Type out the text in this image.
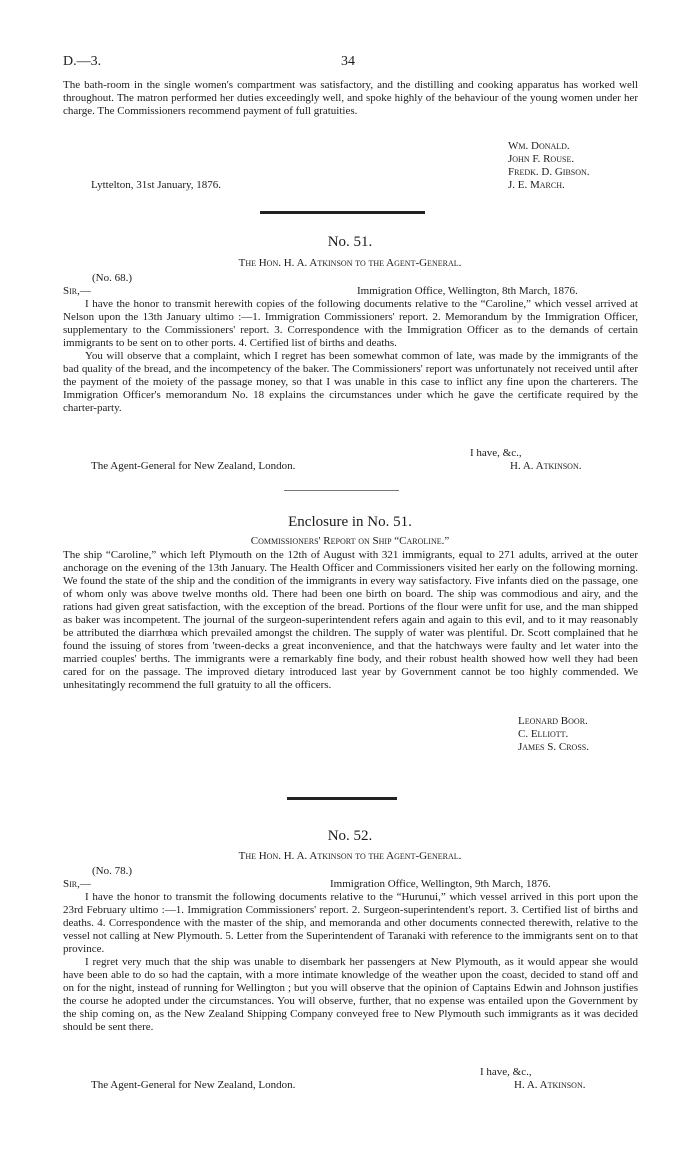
D.—3.	34

The bath-room in the single women's compartment was satisfactory, and the distilling and cooking apparatus has worked well throughout. The matron performed her duties exceedingly well, and spoke highly of the behaviour of the young women under her charge. The Commissioners recommend payment of full gratuities.

Wm. Donald.
John F. Rouse.
Fredk. D. Gibson.
J. E. March.
Lyttelton, 31st January, 1876.
No. 51.
The Hon. H. A. Atkinson to the Agent-General.
(No. 68.)
Sir,—	Immigration Office, Wellington, 8th March, 1876.

I have the honor to transmit herewith copies of the following documents relative to the “Caroline,” which vessel arrived at Nelson upon the 13th January ultimo :—1. Immigration Commissioners' report. 2. Memorandum by the Immigration Officer, supplementary to the Commissioners' report. 3. Correspondence with the Immigration Officer as to the demands of certain immigrants to be sent on to other ports. 4. Certified list of births and deaths.

You will observe that a complaint, which I regret has been somewhat common of late, was made by the immigrants of the bad quality of the bread, and the incompetency of the baker. The Commissioners' report was unfortunately not received until after the payment of the moiety of the passage money, so that I was unable in this case to inflict any fine upon the charterers. The Immigration Officer's memorandum No. 18 explains the circumstances under which he gave the certificate required by the charter-party.

I have, &c.,
The Agent-General for New Zealand, London.	H. A. Atkinson.
Enclosure in No. 51.
Commissioners' Report on Ship “Caroline.”

The ship “Caroline,” which left Plymouth on the 12th of August with 321 immigrants, equal to 271 adults, arrived at the outer anchorage on the evening of the 13th January. The Health Officer and Commissioners visited her early on the following morning. We found the state of the ship and the condition of the immigrants in every way satisfactory. Five infants died on the passage, one of whom only was above twelve months old. There had been one birth on board. The ship was commodious and airy, and the rations had given great satisfaction, with the exception of the bread. Portions of the flour were unfit for use, and the man shipped as baker was incompetent. The journal of the surgeon-superintendent refers again and again to this evil, and to it may reasonably be attributed the diarrhœa which prevailed amongst the children. The supply of water was plentiful. Dr. Scott complained that he found the issuing of stores from 'tween-decks a great inconvenience, and that the hatchways were faulty and let water into the married couples' berths. The immigrants were a remarkably fine body, and their robust health showed how well they had been cared for on the passage. The improved dietary introduced last year by Government cannot be too highly commended. We unhesitatingly recommend the full gratuity to all the officers.

Leonard Boor.
C. Elliott.
James S. Cross.
No. 52.
The Hon. H. A. Atkinson to the Agent-General.
(No. 78.)
Sir,—	Immigration Office, Wellington, 9th March, 1876.

I have the honor to transmit the following documents relative to the “Hurunui,” which vessel arrived in this port upon the 23rd February ultimo :—1. Immigration Commissioners' report. 2. Surgeon-superintendent's report. 3. Certified list of births and deaths. 4. Correspondence with the master of the ship, and memoranda and other documents connected therewith, relative to the vessel not calling at New Plymouth. 5. Letter from the Superintendent of Taranaki with reference to the immigrants sent on to that province.

I regret very much that the ship was unable to disembark her passengers at New Plymouth, as it would appear she would have been able to do so had the captain, with a more intimate knowledge of the weather upon the coast, decided to stand off and on for the night, instead of running for Wellington ; but you will observe that the opinion of Captains Edwin and Johnson justifies the course he adopted under the circumstances. You will observe, further, that no expense was entailed upon the Government by the ship coming on, as the New Zealand Shipping Company conveyed free to New Plymouth such immigrants as it was decided should be sent there.

I have, &c.,
The Agent-General for New Zealand, London.	H. A. Atkinson.
